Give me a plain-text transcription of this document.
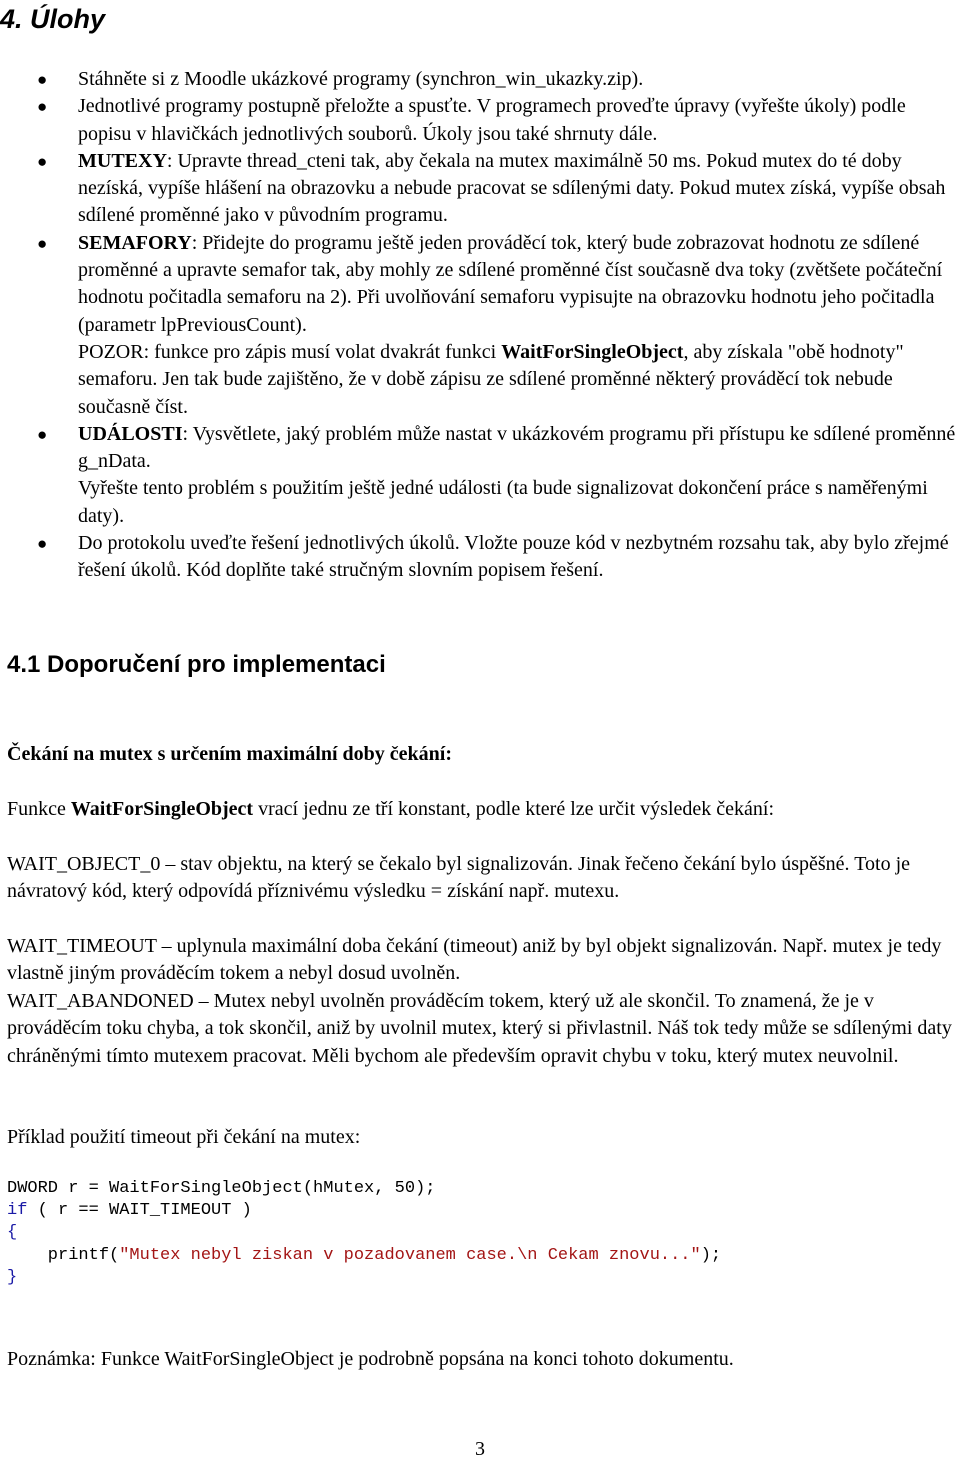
4. Úlohy
● Stáhněte si z Moodle ukázkové programy (synchron_win_ukazky.zip).
● Jednotlivé programy postupně přeložte a spusťte. V programech proveďte úpravy (vyřešte úkoly) podle popisu v hlavičkách jednotlivých souborů. Úkoly jsou také shrnuty dále.
● MUTEXY: Upravte thread_cteni tak, aby čekala na mutex maximálně 50 ms. Pokud mutex do té doby nezíská, vypíše hlášení na obrazovku a nebude pracovat se sdílenými daty. Pokud mutex získá, vypíše obsah sdílené proměnné jako v původním programu.
● SEMAFORY: Přidejte do programu ještě jeden prováděcí tok, který bude zobrazovat hodnotu ze sdílené proměnné a upravte semafor tak, aby mohly ze sdílené proměnné číst současně dva toky (zvětšete počáteční hodnotu počitadla semaforu na 2). Při uvolňování semaforu vypisujte na obrazovku hodnotu jeho počitadla (parametr lpPreviousCount).
POZOR: funkce pro zápis musí volat dvakrát funkci WaitForSingleObject, aby získala "obě hodnoty" semaforu. Jen tak bude zajištěno, že v době zápisu ze sdílené proměnné některý prováděcí tok nebude současně číst.
● UDÁLOSTI: Vysvětlete, jaký problém může nastat v ukázkovém programu při přístupu ke sdílené proměnné g_nData.
Vyřešte tento problém s použitím ještě jedné události (ta bude signalizovat dokončení práce s naměřenými daty).
● Do protokolu uveďte řešení jednotlivých úkolů. Vložte pouze kód v nezbytném rozsahu tak, aby bylo zřejmé řešení úkolů. Kód doplňte také stručným slovním popisem řešení.
4.1 Doporučení pro implementaci
Čekání na mutex s určením maximální doby čekání:
Funkce WaitForSingleObject vrací jednu ze tří konstant, podle které lze určit výsledek čekání:
WAIT_OBJECT_0 – stav objektu, na který se čekalo byl signalizován. Jinak řečeno čekání bylo úspěšné. Toto je návratový kód, který odpovídá příznivému výsledku = získání např. mutexu.
WAIT_TIMEOUT – uplynula maximální doba čekání (timeout) aniž by byl objekt signalizován. Např. mutex je tedy vlastně jiným prováděcím tokem a nebyl dosud uvolněn.
WAIT_ABANDONED – Mutex nebyl uvolněn prováděcím tokem, který už ale skončil. To znamená, že je v prováděcím toku chyba, a tok skončil, aniž by uvolnil mutex, který si přivlastnil. Náš tok tedy může se sdílenými daty chráněnými tímto mutexem pracovat. Měli bychom ale především opravit chybu v toku, který mutex neuvolnil.
Příklad použití timeout při čekání na mutex:
DWORD r = WaitForSingleObject(hMutex, 50);
if ( r == WAIT_TIMEOUT )
{
printf("Mutex nebyl ziskan v pozadovanem case.\n Cekam znovu...");
}
Poznámka: Funkce WaitForSingleObject je podrobně popsána na konci tohoto dokumentu.
3
